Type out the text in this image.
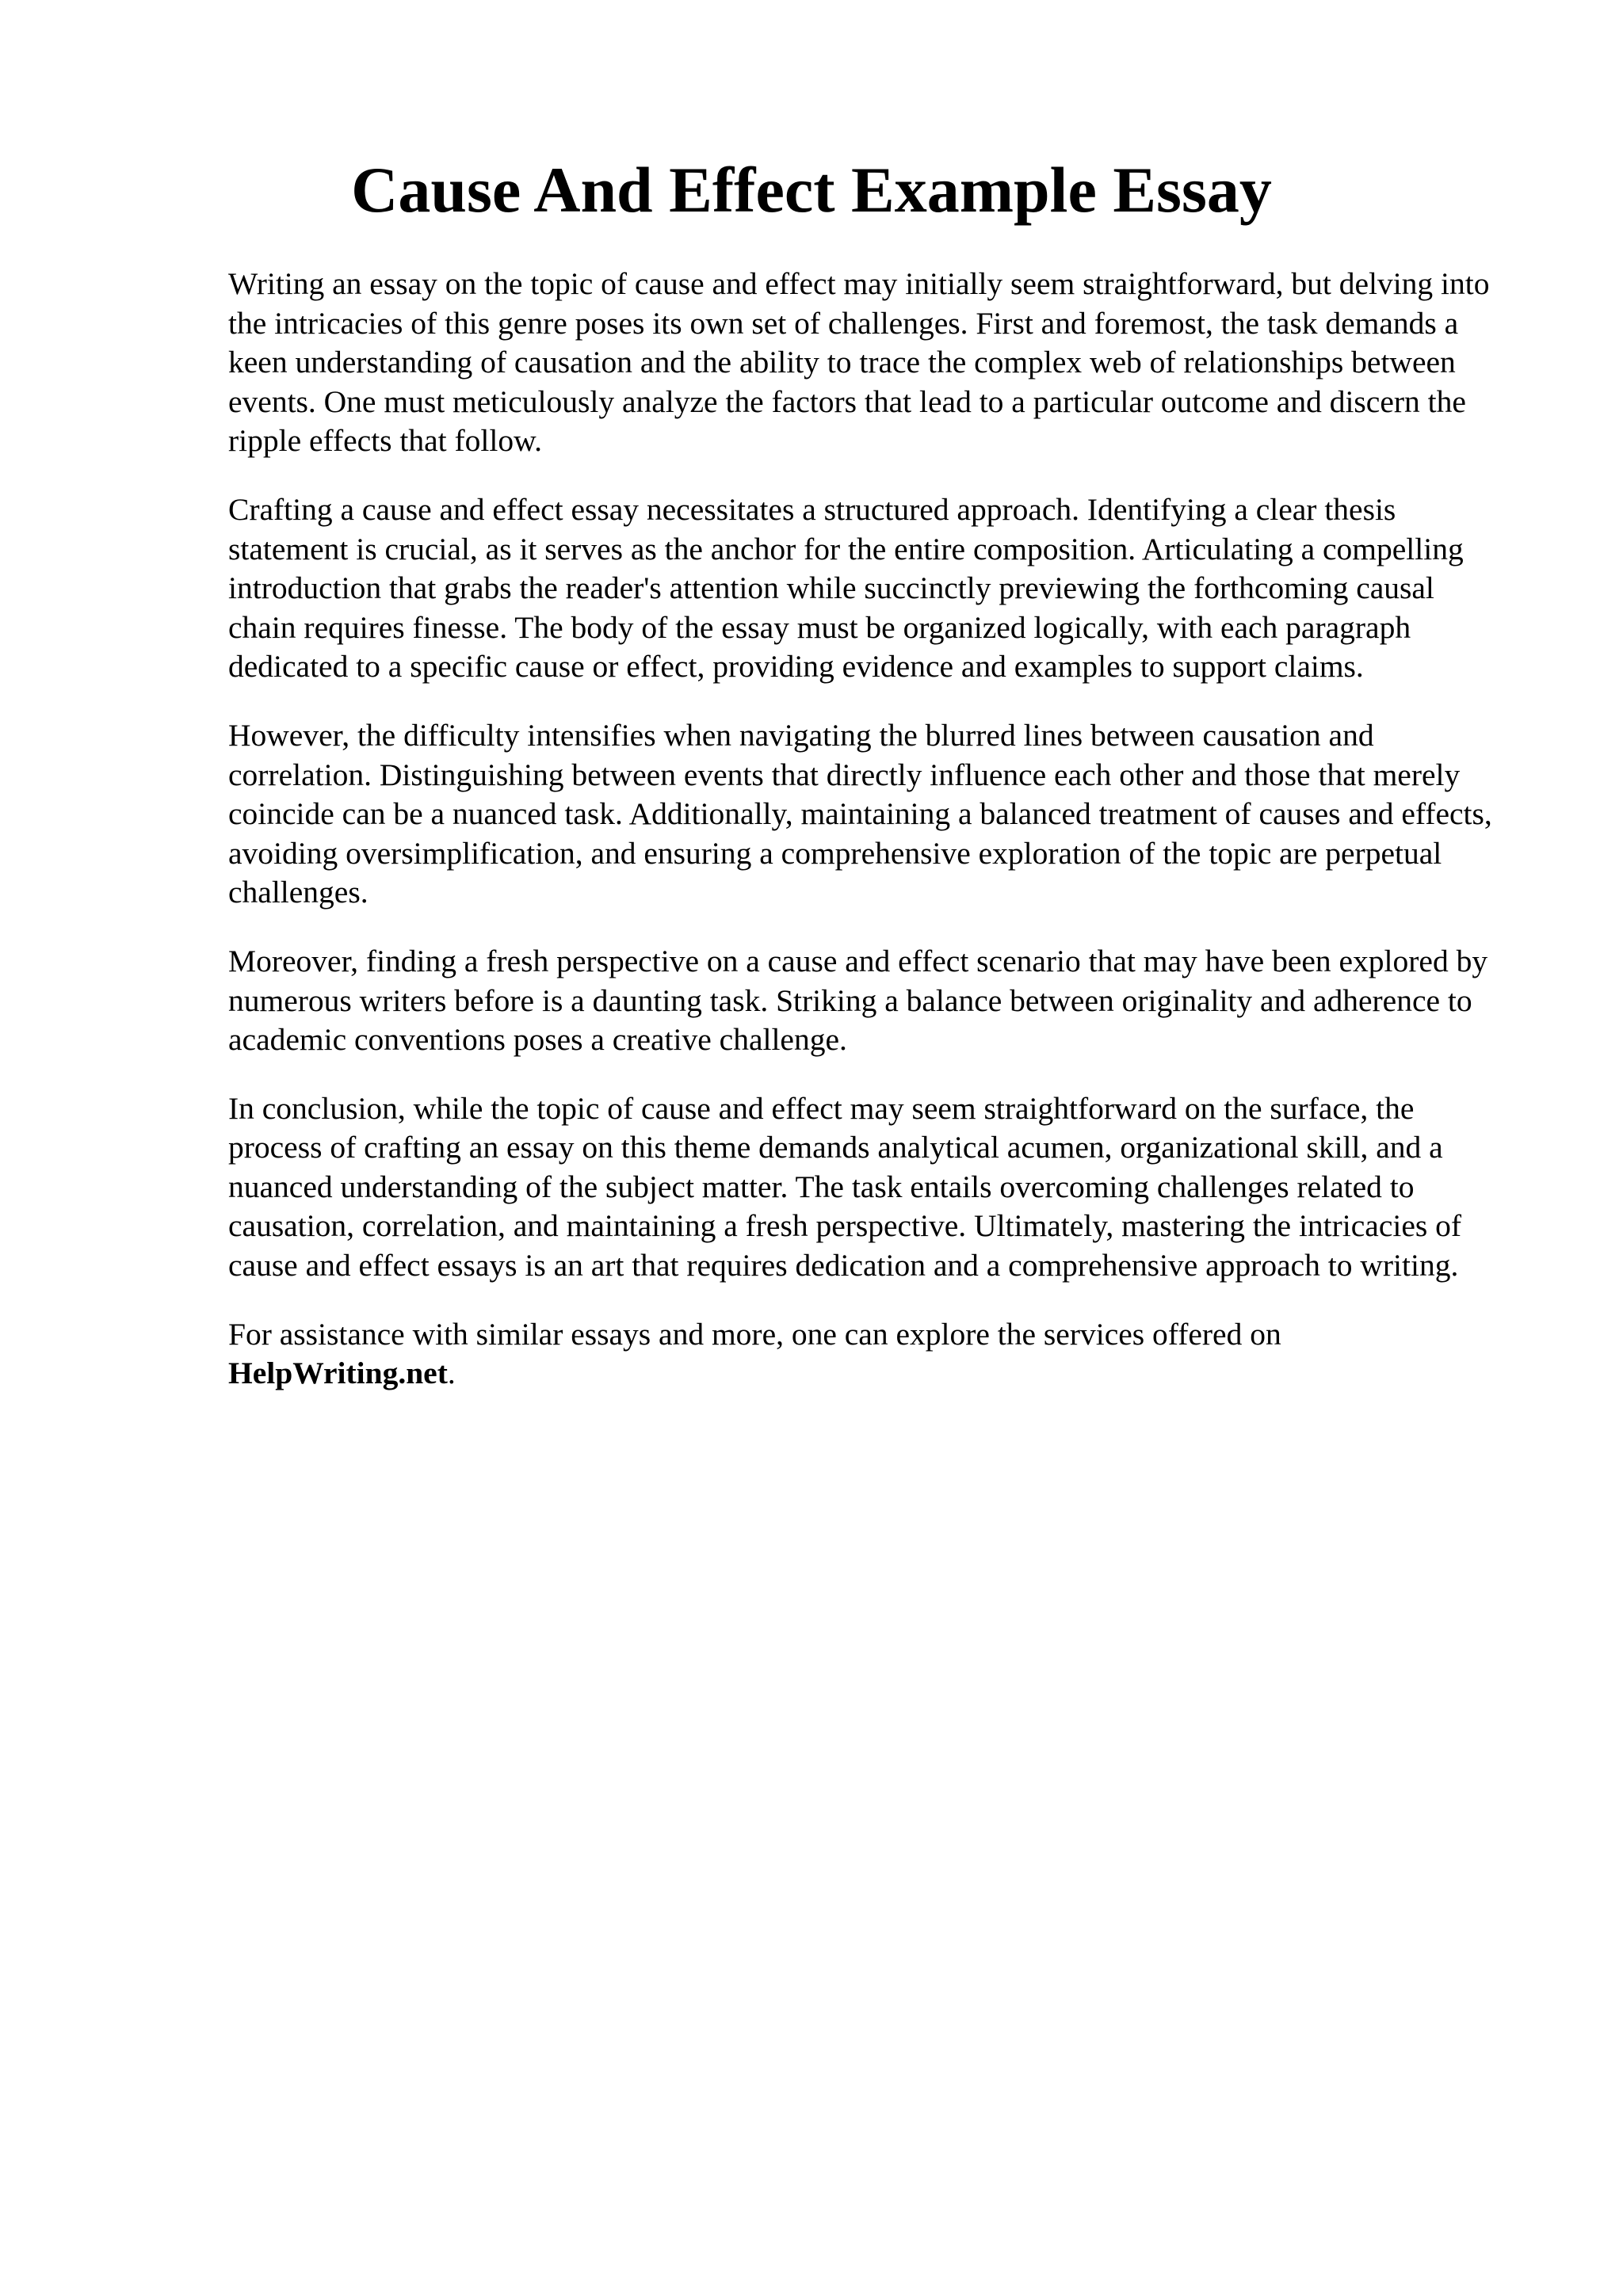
Cause And Effect Example Essay

Writing an essay on the topic of cause and effect may initially seem straightforward, but delving into the intricacies of this genre poses its own set of challenges. First and foremost, the task demands a keen understanding of causation and the ability to trace the complex web of relationships between events. One must meticulously analyze the factors that lead to a particular outcome and discern the ripple effects that follow.

Crafting a cause and effect essay necessitates a structured approach. Identifying a clear thesis statement is crucial, as it serves as the anchor for the entire composition. Articulating a compelling introduction that grabs the reader's attention while succinctly previewing the forthcoming causal chain requires finesse. The body of the essay must be organized logically, with each paragraph dedicated to a specific cause or effect, providing evidence and examples to support claims.

However, the difficulty intensifies when navigating the blurred lines between causation and correlation. Distinguishing between events that directly influence each other and those that merely coincide can be a nuanced task. Additionally, maintaining a balanced treatment of causes and effects, avoiding oversimplification, and ensuring a comprehensive exploration of the topic are perpetual challenges.

Moreover, finding a fresh perspective on a cause and effect scenario that may have been explored by numerous writers before is a daunting task. Striking a balance between originality and adherence to academic conventions poses a creative challenge.

In conclusion, while the topic of cause and effect may seem straightforward on the surface, the process of crafting an essay on this theme demands analytical acumen, organizational skill, and a nuanced understanding of the subject matter. The task entails overcoming challenges related to causation, correlation, and maintaining a fresh perspective. Ultimately, mastering the intricacies of cause and effect essays is an art that requires dedication and a comprehensive approach to writing.

For assistance with similar essays and more, one can explore the services offered on HelpWriting.net.
